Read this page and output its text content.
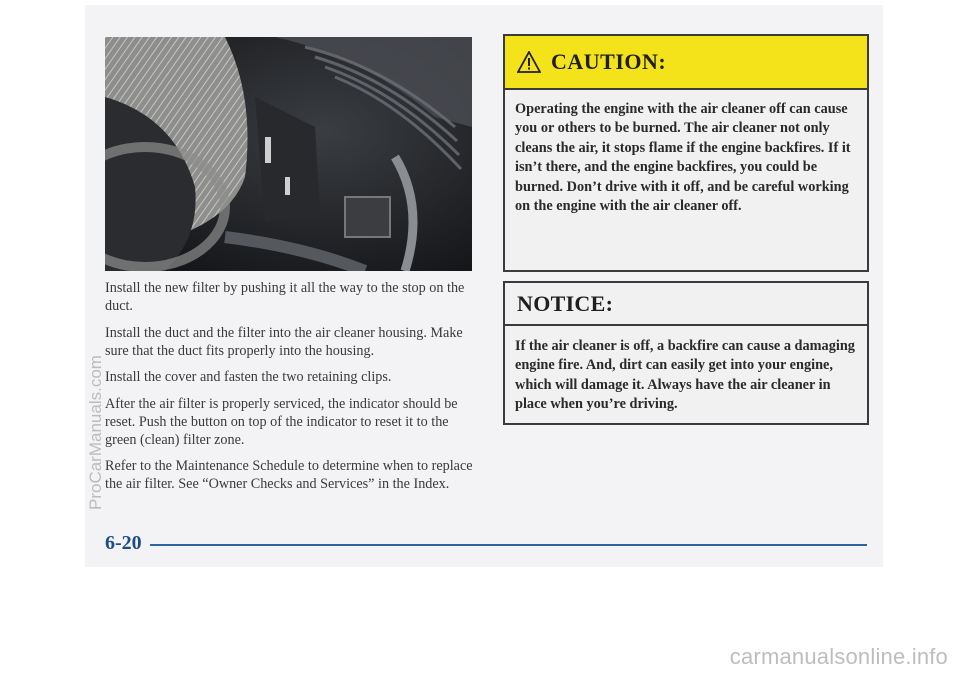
Install the new filter by pushing it all the way to the stop on the duct.

Install the duct and the filter into the air cleaner housing. Make sure that the duct fits properly into the housing.

Install the cover and fasten the two retaining clips.

After the air filter is properly serviced, the indicator should be reset. Push the button on top of the indicator to reset it to the green (clean) filter zone.

Refer to the Maintenance Schedule to determine when to replace the air filter. See “Owner Checks and Services” in the Index.

CAUTION:
Operating the engine with the air cleaner off can cause you or others to be burned. The air cleaner not only cleans the air, it stops flame if the engine backfires. If it isn’t there, and the engine backfires, you could be burned. Don’t drive with it off, and be careful working on the engine with the air cleaner off.
NOTICE:
If the air cleaner is off, a backfire can cause a damaging engine fire. And, dirt can easily get into your engine, which will damage it. Always have the air cleaner in place when you’re driving.
6-20
ProCarManuals.com
carmanualsonline.info
